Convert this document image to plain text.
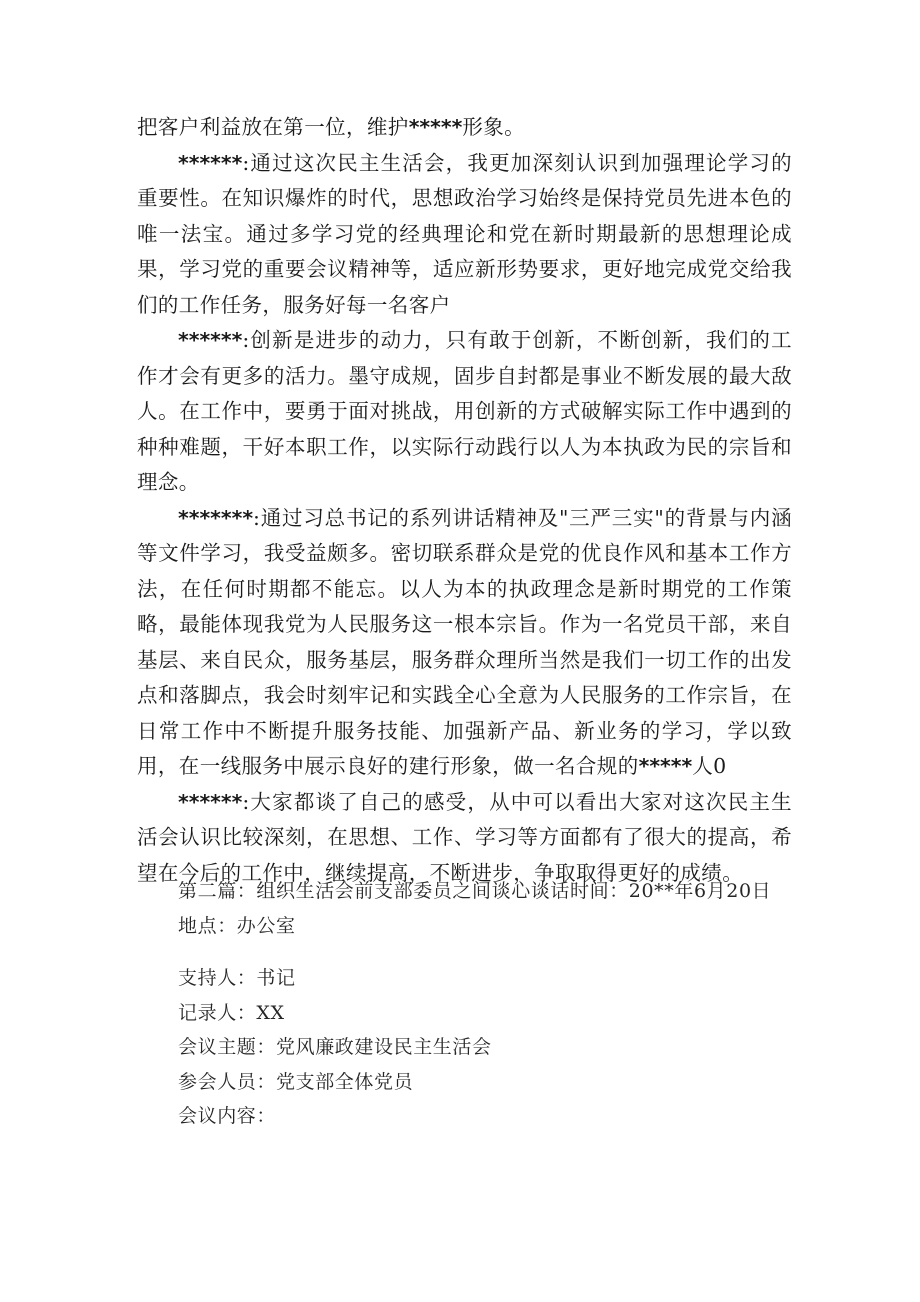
把客户利益放在第一位，维护*****形象。

******:通过这次民主生活会，我更加深刻认识到加强理论学习的重要性。在知识爆炸的时代，思想政治学习始终是保持党员先进本色的唯一法宝。通过多学习党的经典理论和党在新时期最新的思想理论成果，学习党的重要会议精神等，适应新形势要求，更好地完成党交给我们的工作任务，服务好每一名客户

******:创新是进步的动力，只有敢于创新，不断创新，我们的工作才会有更多的活力。墨守成规，固步自封都是事业不断发展的最大敌人。在工作中，要勇于面对挑战，用创新的方式破解实际工作中遇到的种种难题，干好本职工作，以实际行动践行以人为本执政为民的宗旨和理念。

*******:通过习总书记的系列讲话精神及"三严三实"的背景与内涵等文件学习，我受益颇多。密切联系群众是党的优良作风和基本工作方法，在任何时期都不能忘。以人为本的执政理念是新时期党的工作策略，最能体现我党为人民服务这一根本宗旨。作为一名党员干部，来自基层、来自民众，服务基层，服务群众理所当然是我们一切工作的出发点和落脚点，我会时刻牢记和实践全心全意为人民服务的工作宗旨，在日常工作中不断提升服务技能、加强新产品、新业务的学习，学以致用，在一线服务中展示良好的建行形象，做一名合规的*****人0

******:大家都谈了自己的感受，从中可以看出大家对这次民主生活会认识比较深刻，在思想、工作、学习等方面都有了很大的提高，希望在今后的工作中，继续提高，不断进步，争取取得更好的成绩。

第二篇：组织生活会前支部委员之间谈心谈话时间：20**年6月20日

地点：办公室

支持人：书记

记录人：XX

会议主题：党风廉政建设民主生活会

参会人员：党支部全体党员

会议内容：
